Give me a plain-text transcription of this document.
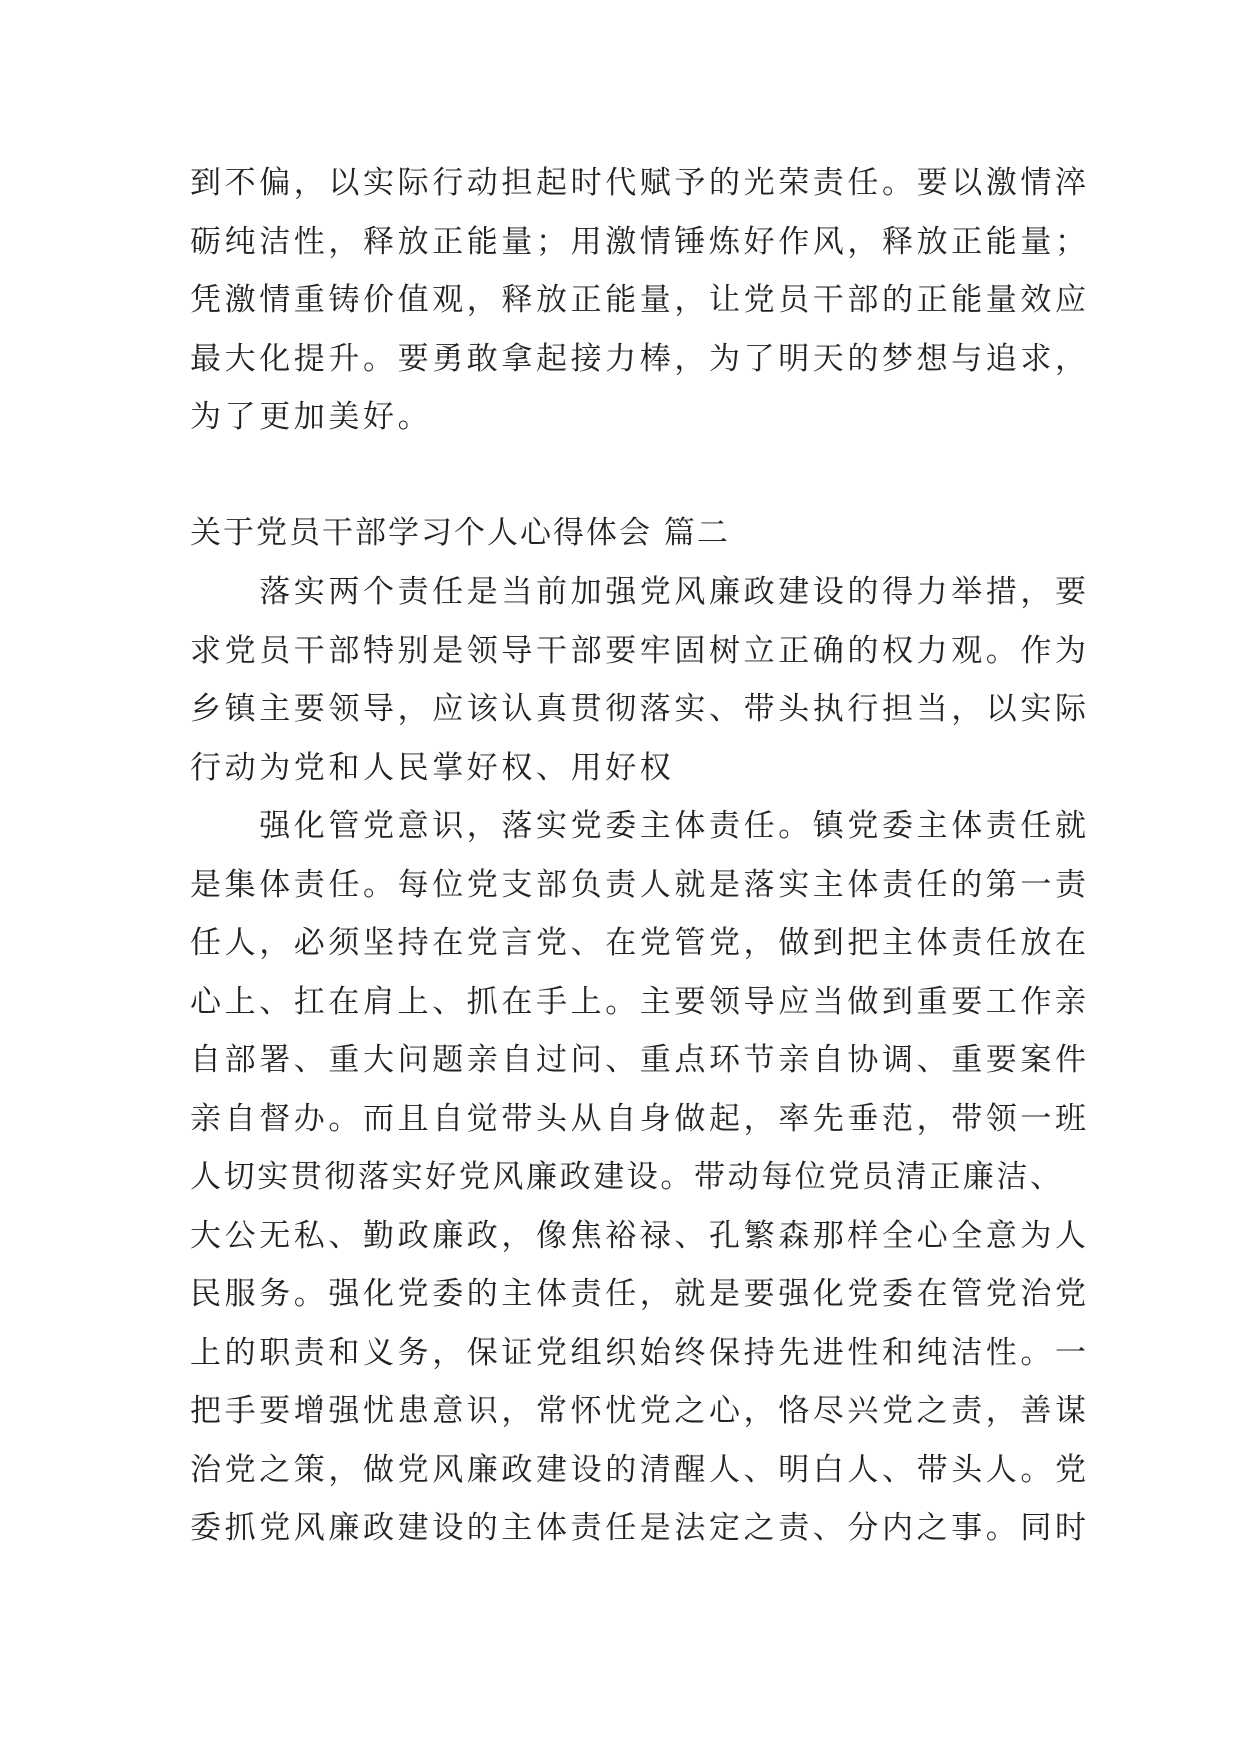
到不偏，以实际行动担起时代赋予的光荣责任。要以激情淬
砺纯洁性，释放正能量；用激情锤炼好作风，释放正能量；
凭激情重铸价值观，释放正能量，让党员干部的正能量效应
最大化提升。要勇敢拿起接力棒，为了明天的梦想与追求，
为了更加美好。
关于党员干部学习个人心得体会 篇二
　　落实两个责任是当前加强党风廉政建设的得力举措，要
求党员干部特别是领导干部要牢固树立正确的权力观。作为
乡镇主要领导，应该认真贯彻落实、带头执行担当，以实际
行动为党和人民掌好权、用好权
　　强化管党意识，落实党委主体责任。镇党委主体责任就
是集体责任。每位党支部负责人就是落实主体责任的第一责
任人，必须坚持在党言党、在党管党，做到把主体责任放在
心上、扛在肩上、抓在手上。主要领导应当做到重要工作亲
自部署、重大问题亲自过问、重点环节亲自协调、重要案件
亲自督办。而且自觉带头从自身做起，率先垂范，带领一班
人切实贯彻落实好党风廉政建设。带动每位党员清正廉洁、
大公无私、勤政廉政，像焦裕禄、孔繁森那样全心全意为人
民服务。强化党委的主体责任，就是要强化党委在管党治党
上的职责和义务，保证党组织始终保持先进性和纯洁性。一
把手要增强忧患意识，常怀忧党之心，恪尽兴党之责，善谋
治党之策，做党风廉政建设的清醒人、明白人、带头人。党
委抓党风廉政建设的主体责任是法定之责、分内之事。同时
